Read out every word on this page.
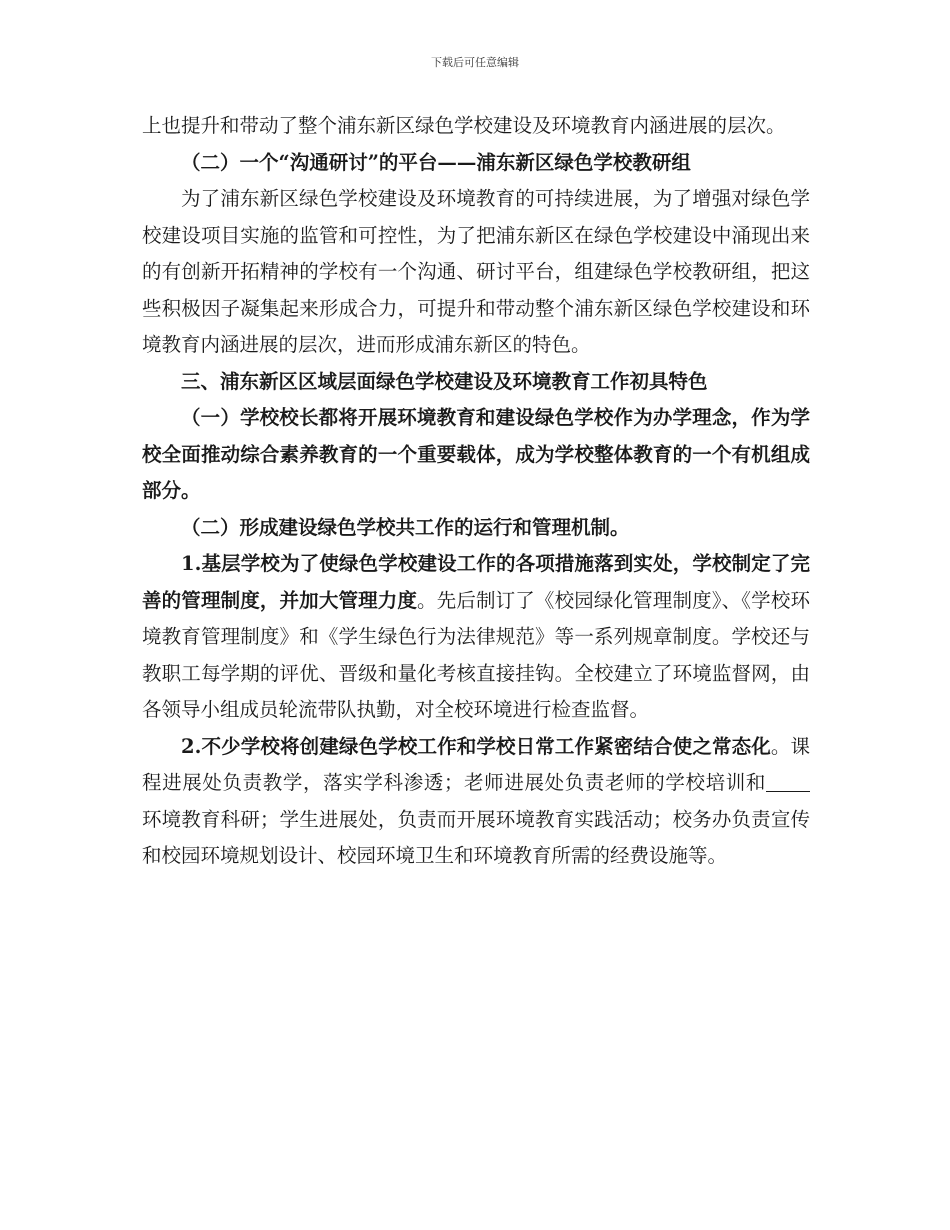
下载后可任意编辑

上也提升和带动了整个浦东新区绿色学校建设及环境教育内涵进展的层次。

（二）一个“沟通研讨”的平台——浦东新区绿色学校教研组

为了浦东新区绿色学校建设及环境教育的可持续进展，为了增强对绿色学校建设项目实施的监管和可控性，为了把浦东新区在绿色学校建设中涌现出来的有创新开拓精神的学校有一个沟通、研讨平台，组建绿色学校教研组，把这些积极因子凝集起来形成合力，可提升和带动整个浦东新区绿色学校建设和环境教育内涵进展的层次，进而形成浦东新区的特色。

三、浦东新区区域层面绿色学校建设及环境教育工作初具特色

（一）学校校长都将开展环境教育和建设绿色学校作为办学理念，作为学校全面推动综合素养教育的一个重要载体，成为学校整体教育的一个有机组成部分。

（二）形成建设绿色学校共工作的运行和管理机制。

1.基层学校为了使绿色学校建设工作的各项措施落到实处，学校制定了完善的管理制度，并加大管理力度。先后制订了《校园绿化管理制度》、《学校环境教育管理制度》和《学生绿色行为法律规范》等一系列规章制度。学校还与教职工每学期的评优、晋级和量化考核直接挂钩。全校建立了环境监督网，由各领导小组成员轮流带队执勤，对全校环境进行检查监督。

2.不少学校将创建绿色学校工作和学校日常工作紧密结合使之常态化。课程进展处负责教学，落实学科渗透；老师进展处负责老师的学校培训和环境教育科研；学生进展处，负责而开展环境教育实践活动；校务办负责宣传和校园环境规划设计、校园环境卫生和环境教育所需的经费设施等。
